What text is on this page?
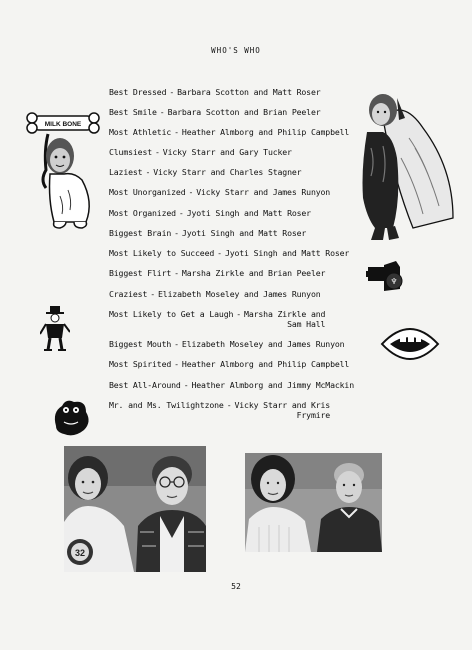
WHO'S WHO
MILK BONE
♆
Best Dressed - Barbara Scotton and Matt Roser
Best Smile - Barbara Scotton and Brian Peeler
Most Athletic - Heather Almborg and Philip Campbell
Clumsiest - Vicky Starr and Gary Tucker
Laziest - Vicky Starr and Charles Stagner
Most Unorganized - Vicky Starr and James Runyon
Most Organized - Jyoti Singh and Matt Roser
Biggest Brain - Jyoti Singh and Matt Roser
Most Likely to Succeed - Jyoti Singh and Matt Roser
Biggest Flirt - Marsha Zirkle and Brian Peeler
Craziest - Elizabeth Moseley and James Runyon
Most Likely to Get a Laugh - Marsha Zirkle and
Sam Hall
Biggest Mouth - Elizabeth Moseley and James Runyon
Most Spirited - Heather Almborg and Philip Campbell
Best All-Around - Heather Almborg and Jimmy McMackin
Mr. and Ms. Twilightzone - Vicky Starr and Kris
Frymire
32
52
